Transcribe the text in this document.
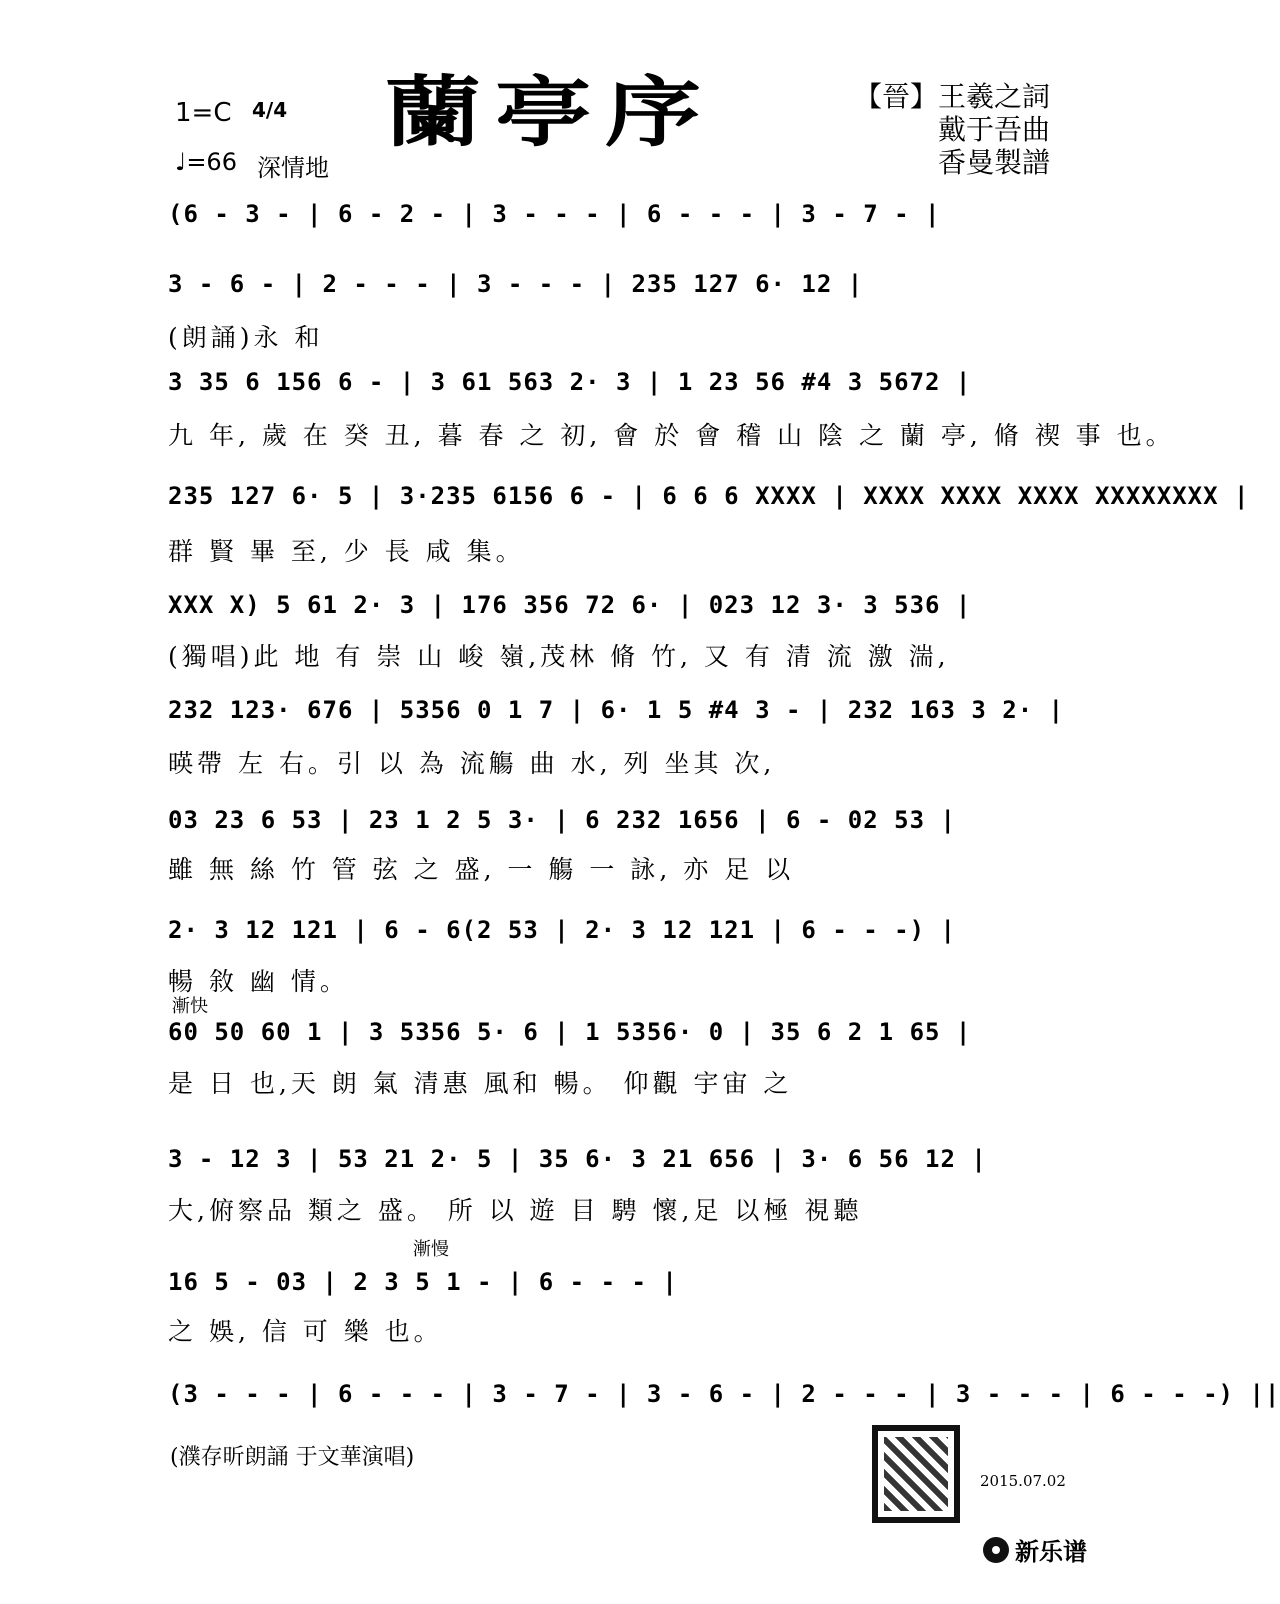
1=C 4/4
♩=66 深情地
蘭亭序	【晉】王羲之詞
戴于吾曲
香曼製譜
(6 - 3 - | 6 - 2 - | 3 - - - | 6 - - - | 3 - 7 - |
3 - 6 - | 2 - - - | 3 - - - | 235 127 6· 12 |
(朗誦)永 和
3 35 6 156 6 - | 3 61 563 2· 3 | 1 23 56 #4 3 5672 |
九 年, 歲 在 癸 丑, 暮 春 之 初, 會 於 會 稽 山 陰 之 蘭 亭, 脩 禊 事 也。
235 127 6· 5 | 3·235 6156 6 - | 6 6 6 XXXX | XXXX XXXX XXXX XXXXXXXX |
群 賢 畢 至, 少 長 咸 集。
XXX X) 5 61 2· 3 | 176 356 72 6· | 023 12 3· 3 536 |
(獨唱)此 地 有 崇 山 峻 嶺,茂林 脩 竹, 又 有 清 流 激 湍,
232 123· 676 | 5356 0 1 7 | 6· 1 5 #4 3 - | 232 163 3 2· |
暎帶 左 右。引 以 為 流觴 曲 水, 列 坐其 次,
03 23 6 53 | 23 1 2 5 3· | 6 232 1656 | 6 - 02 53 |
雖 無 絲 竹 管 弦 之 盛, 一 觴 一 詠, 亦 足 以
2· 3 12 121 | 6 - 6(2 53 | 2· 3 12 121 | 6 - - -) |
暢 敘 幽 情。
60 50 60 1 | 3 5356 5· 6 | 1 5356· 0 | 35 6 2 1 65 |
是 日 也,天 朗 氣 清惠 風和 暢。 仰觀 宇宙 之
3 - 12 3 | 53 21 2· 5 | 35 6· 3 21 656 | 3· 6 56 12 |
大,俯察品 類之 盛。 所 以 遊 目 騁 懷,足 以極 視聽
16 5 - 03 | 2 3 5 1 - | 6 - - - |
之 娛, 信 可 樂 也。
(3 - - - | 6 - - - | 3 - 7 - | 3 - 6 - | 2 - - - | 3 - - - | 6 - - -) ||
漸快
漸慢
(濮存昕朗誦 于文華演唱)
2015.07.02
新乐谱
